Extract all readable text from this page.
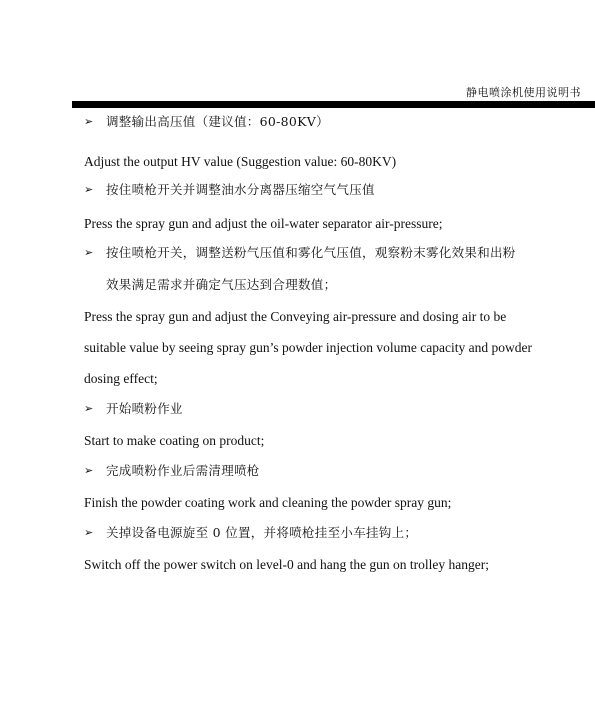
静电喷涂机使用说明书
➢ 调整输出高压值（建议值：60-80KV）
Adjust the output HV value (Suggestion value: 60-80KV)
➢ 按住喷枪开关并调整油水分离器压缩空气气压值
Press the spray gun and adjust the oil-water separator air-pressure;
➢ 按住喷枪开关，调整送粉气压值和雾化气压值，观察粉末雾化效果和出粉
效果满足需求并确定气压达到合理数值；
Press the spray gun and adjust the Conveying air-pressure and dosing air to be
suitable value by seeing spray gun’s powder injection volume capacity and powder
dosing effect;
➢ 开始喷粉作业
Start to make coating on product;
➢ 完成喷粉作业后需清理喷枪
Finish the powder coating work and cleaning the powder spray gun;
➢ 关掉设备电源旋至 0 位置，并将喷枪挂至小车挂钩上；
Switch off the power switch on level-0 and hang the gun on trolley hanger;
